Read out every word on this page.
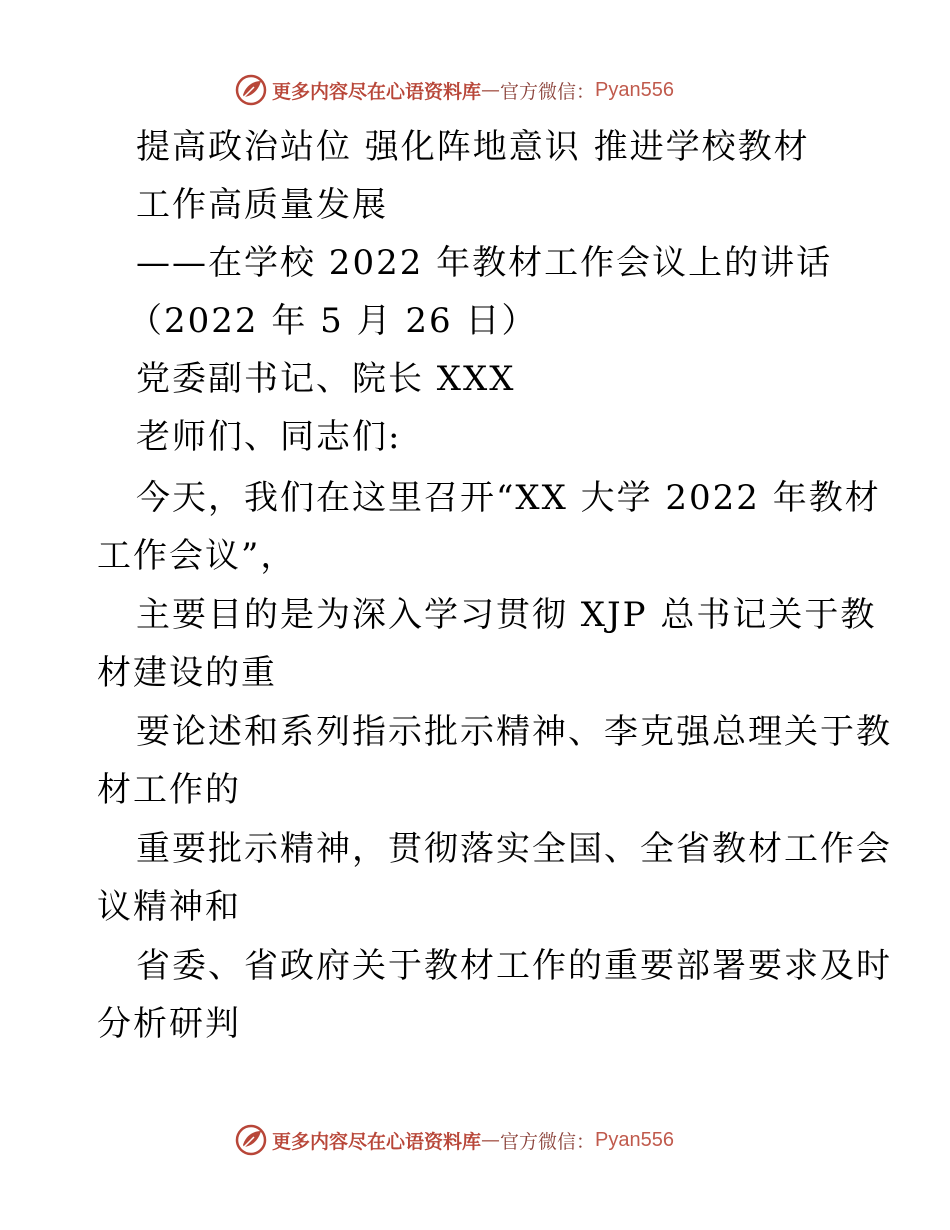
更多内容尽在心语资料库 — 官方微信： Pyan556
提高政治站位 强化阵地意识 推进学校教材
工作高质量发展
——在学校 2022 年教材工作会议上的讲话
（2022 年 5 月 26 日）
党委副书记、院长 XXX
老师们、同志们:
今天，我们在这里召开“XX 大学 2022 年教材
工作会议”，
主要目的是为深入学习贯彻 XJP 总书记关于教
材建设的重
要论述和系列指示批示精神、李克强总理关于教
材工作的
重要批示精神，贯彻落实全国、全省教材工作会
议精神和
省委、省政府关于教材工作的重要部署要求及时
分析研判
更多内容尽在心语资料库 — 官方微信： Pyan556
